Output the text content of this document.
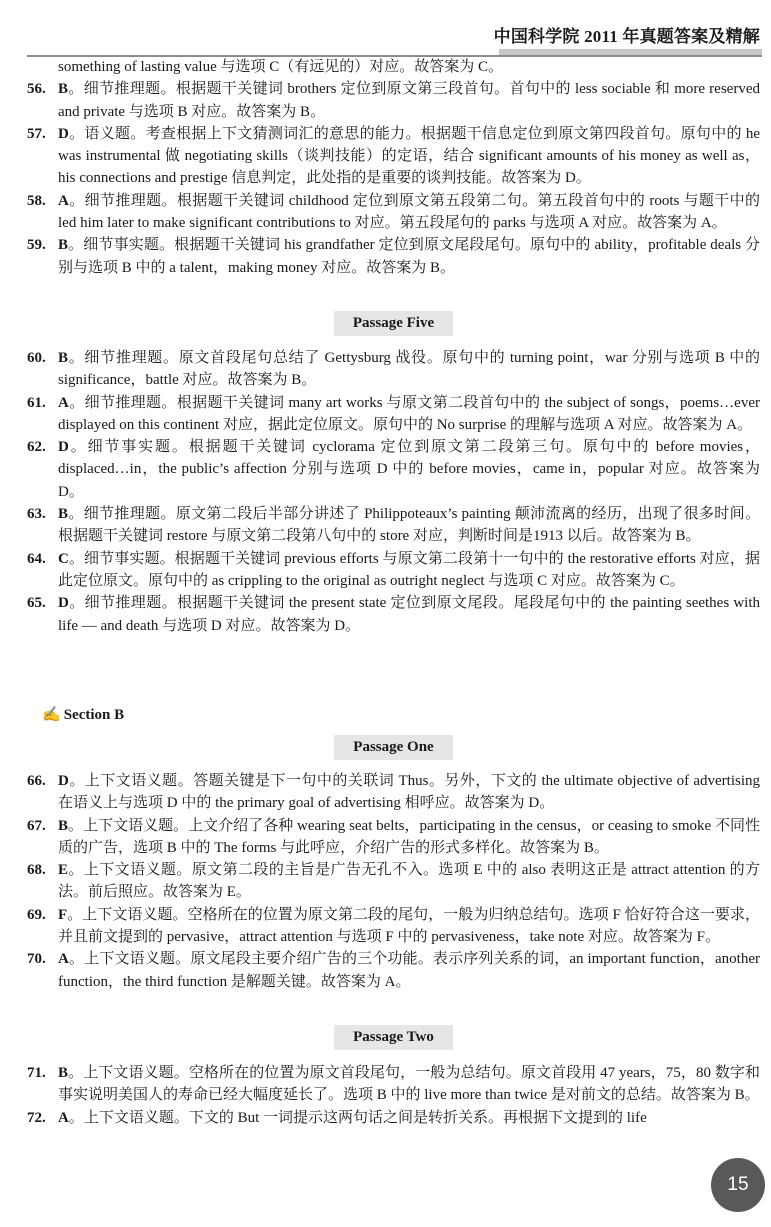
中国科学院 2011 年真题答案及精解
something of lasting value 与选项 C（有远见的）对应。故答案为 C。
56. B。细节推理题。根据题干关键词 brothers 定位到原文第三段首句。首句中的 less sociable 和 more reserved and private 与选项 B 对应。故答案为 B。
57. D。语义题。考查根据上下文猜测词汇的意思的能力。根据题干信息定位到原文第四段首句。原句中的 he was instrumental 做 negotiating skills（谈判技能）的定语，结合 significant amounts of his money as well as，his connections and prestige 信息判定，此处指的是重要的谈判技能。故答案为 D。
58. A。细节推理题。根据题干关键词 childhood 定位到原文第五段第二句。第五段首句中的 roots 与题干中的 led him later to make significant contributions to 对应。第五段尾句的 parks 与选项 A 对应。故答案为 A。
59. B。细节事实题。根据题干关键词 his grandfather 定位到原文尾段尾句。原句中的 ability，profitable deals 分别与选项 B 中的 a talent，making money 对应。故答案为 B。
Passage Five
60. B。细节推理题。原文首段尾句总结了 Gettysburg 战役。原句中的 turning point，war 分别与选项 B 中的 significance，battle 对应。故答案为 B。
61. A。细节推理题。根据题干关键词 many art works 与原文第二段首句中的 the subject of songs，poems…ever displayed on this continent 对应，据此定位原文。原句中的 No surprise 的理解与选项 A 对应。故答案为 A。
62. D。细节事实题。根据题干关键词 cyclorama 定位到原文第二段第三句。原句中的 before movies，displaced…in，the public’s affection 分别与选项 D 中的 before movies，came in，popular 对应。故答案为 D。
63. B。细节推理题。原文第二段后半部分讲述了 Philippoteaux’s painting 颠沛流离的经历，出现了很多时间。根据题干关键词 restore 与原文第二段第八句中的 store 对应，判断时间是1913 以后。故答案为 B。
64. C。细节事实题。根据题干关键词 previous efforts 与原文第二段第十一句中的 the restorative efforts 对应，据此定位原文。原句中的 as crippling to the original as outright neglect 与选项 C 对应。故答案为 C。
65. D。细节推理题。根据题干关键词 the present state 定位到原文尾段。尾段尾句中的 the painting seethes with life — and death 与选项 D 对应。故答案为 D。
✍ Section B
Passage One
66. D。上下文语义题。答题关键是下一句中的关联词 Thus。另外，下文的 the ultimate objective of advertising 在语义上与选项 D 中的 the primary goal of advertising 相呼应。故答案为 D。
67. B。上下文语义题。上文介绍了各种 wearing seat belts，participating in the census，or ceasing to smoke 不同性质的广告，选项 B 中的 The forms 与此呼应，介绍广告的形式多样化。故答案为 B。
68. E。上下文语义题。原文第二段的主旨是广告无孔不入。选项 E 中的 also 表明这正是 attract attention 的方法。前后照应。故答案为 E。
69. F。上下文语义题。空格所在的位置为原文第二段的尾句，一般为归纳总结句。选项 F 恰好符合这一要求，并且前文提到的 pervasive，attract attention 与选项 F 中的 pervasiveness，take note 对应。故答案为 F。
70. A。上下文语义题。原文尾段主要介绍广告的三个功能。表示序列关系的词，an important function，another function，the third function 是解题关键。故答案为 A。
Passage Two
71. B。上下文语义题。空格所在的位置为原文首段尾句，一般为总结句。原文首段用 47 years，75，80 数字和事实说明美国人的寿命已经大幅度延长了。选项 B 中的 live more than twice 是对前文的总结。故答案为 B。
72. A。上下文语义题。下文的 But 一词提示这两句话之间是转折关系。再根据下文提到的 life
15
